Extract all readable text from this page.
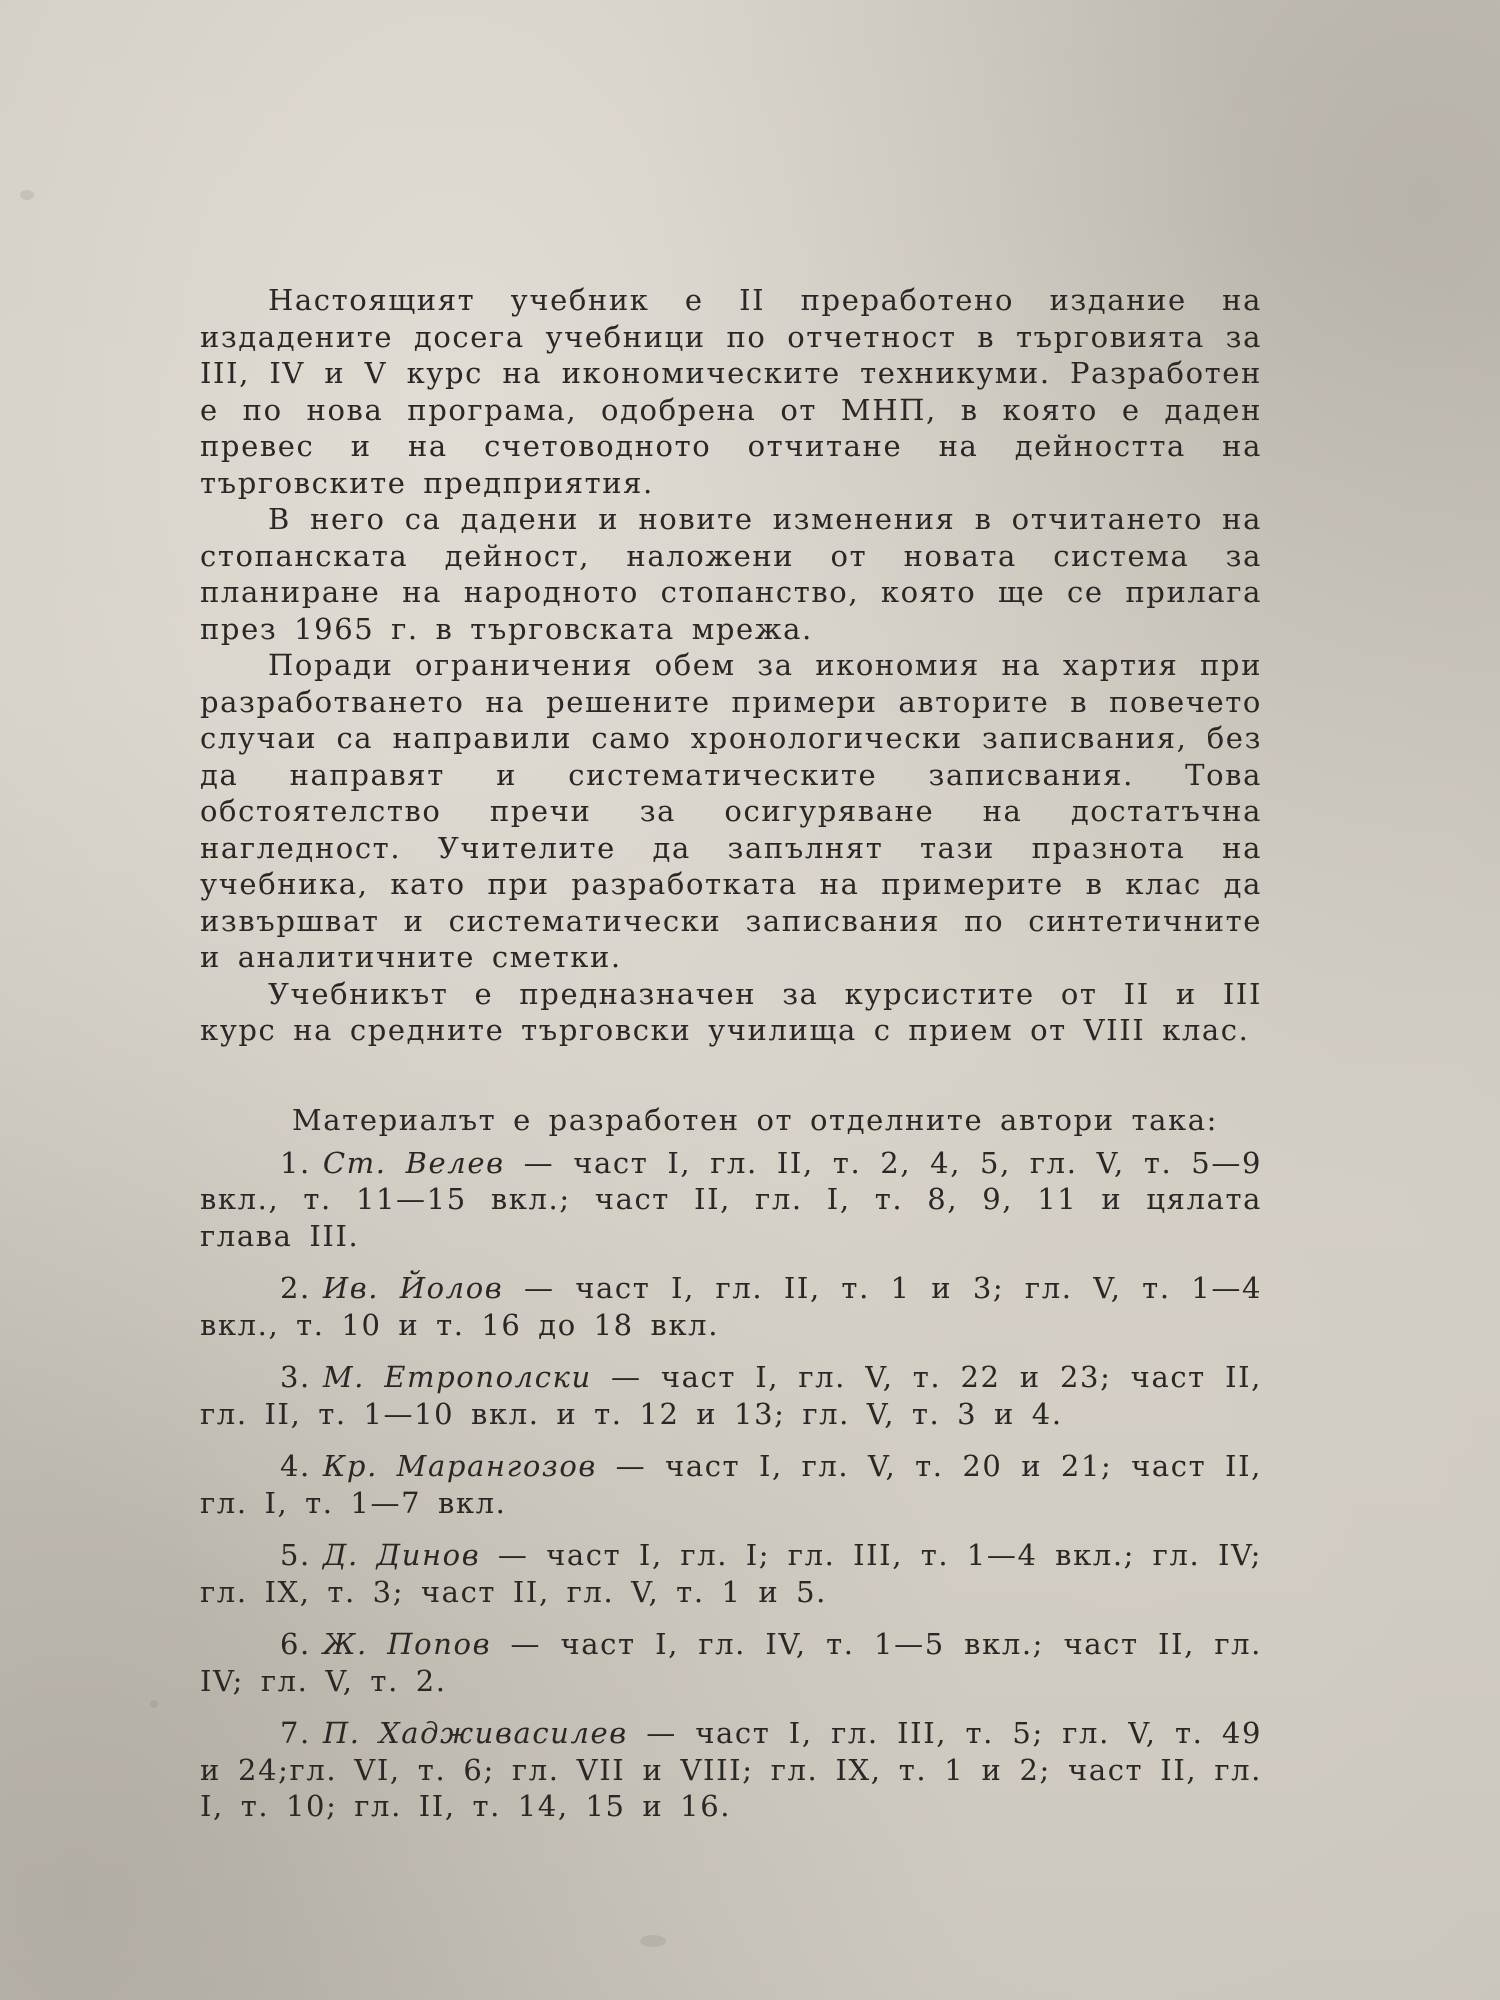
Настоящият учебник е II преработено издание на издадените досега учебници по отчетност в търговията за III, IV и V курс на икономическите техникуми. Разработен е по нова програма, одобрена от МНП, в която е даден превес и на счетоводното отчитане на дейността на търговските предприятия.

В него са дадени и новите изменения в отчитането на стопанската дейност, наложени от новата система за планиране на народното стопанство, която ще се прилага през 1965 г. в търговската мрежа.

Поради ограничения обем за икономия на хартия при разработването на решените примери авторите в повечето случаи са направили само хронологически записвания, без да направят и систематическите записвания. Това обстоятелство пречи за осигуряване на достатъчна нагледност. Учителите да запълнят тази празнота на учебника, като при разработката на примерите в клас да извършват и систематически записвания по синтетичните и аналитичните сметки.

Учебникът е предназначен за курсистите от II и III курс на средните търговски училища с прием от VIII клас.

Материалът е разработен от отделните автори така:

1. Ст. Велев — част I, гл. II, т. 2, 4, 5, гл. V, т. 5—9 вкл., т. 11—15 вкл.; част II, гл. I, т. 8, 9, 11 и цялата глава III.

2. Ив. Йолов — част I, гл. II, т. 1 и 3; гл. V, т. 1—4 вкл., т. 10 и т. 16 до 18 вкл.

3. М. Етрополски — част I, гл. V, т. 22 и 23; част II, гл. II, т. 1—10 вкл. и т. 12 и 13; гл. V, т. 3 и 4.

4. Кр. Марангозов — част I, гл. V, т. 20 и 21; част II, гл. I, т. 1—7 вкл.

5. Д. Динов — част I, гл. I; гл. III, т. 1—4 вкл.; гл. IV; гл. IX, т. 3; част II, гл. V, т. 1 и 5.

6. Ж. Попов — част I, гл. IV, т. 1—5 вкл.; част II, гл. IV; гл. V, т. 2.

7. П. Хадживасилев — част I, гл. III, т. 5; гл. V, т. 49 и 24;гл. VI, т. 6; гл. VII и VIII; гл. IX, т. 1 и 2; част II, гл. I, т. 10; гл. II, т. 14, 15 и 16.
